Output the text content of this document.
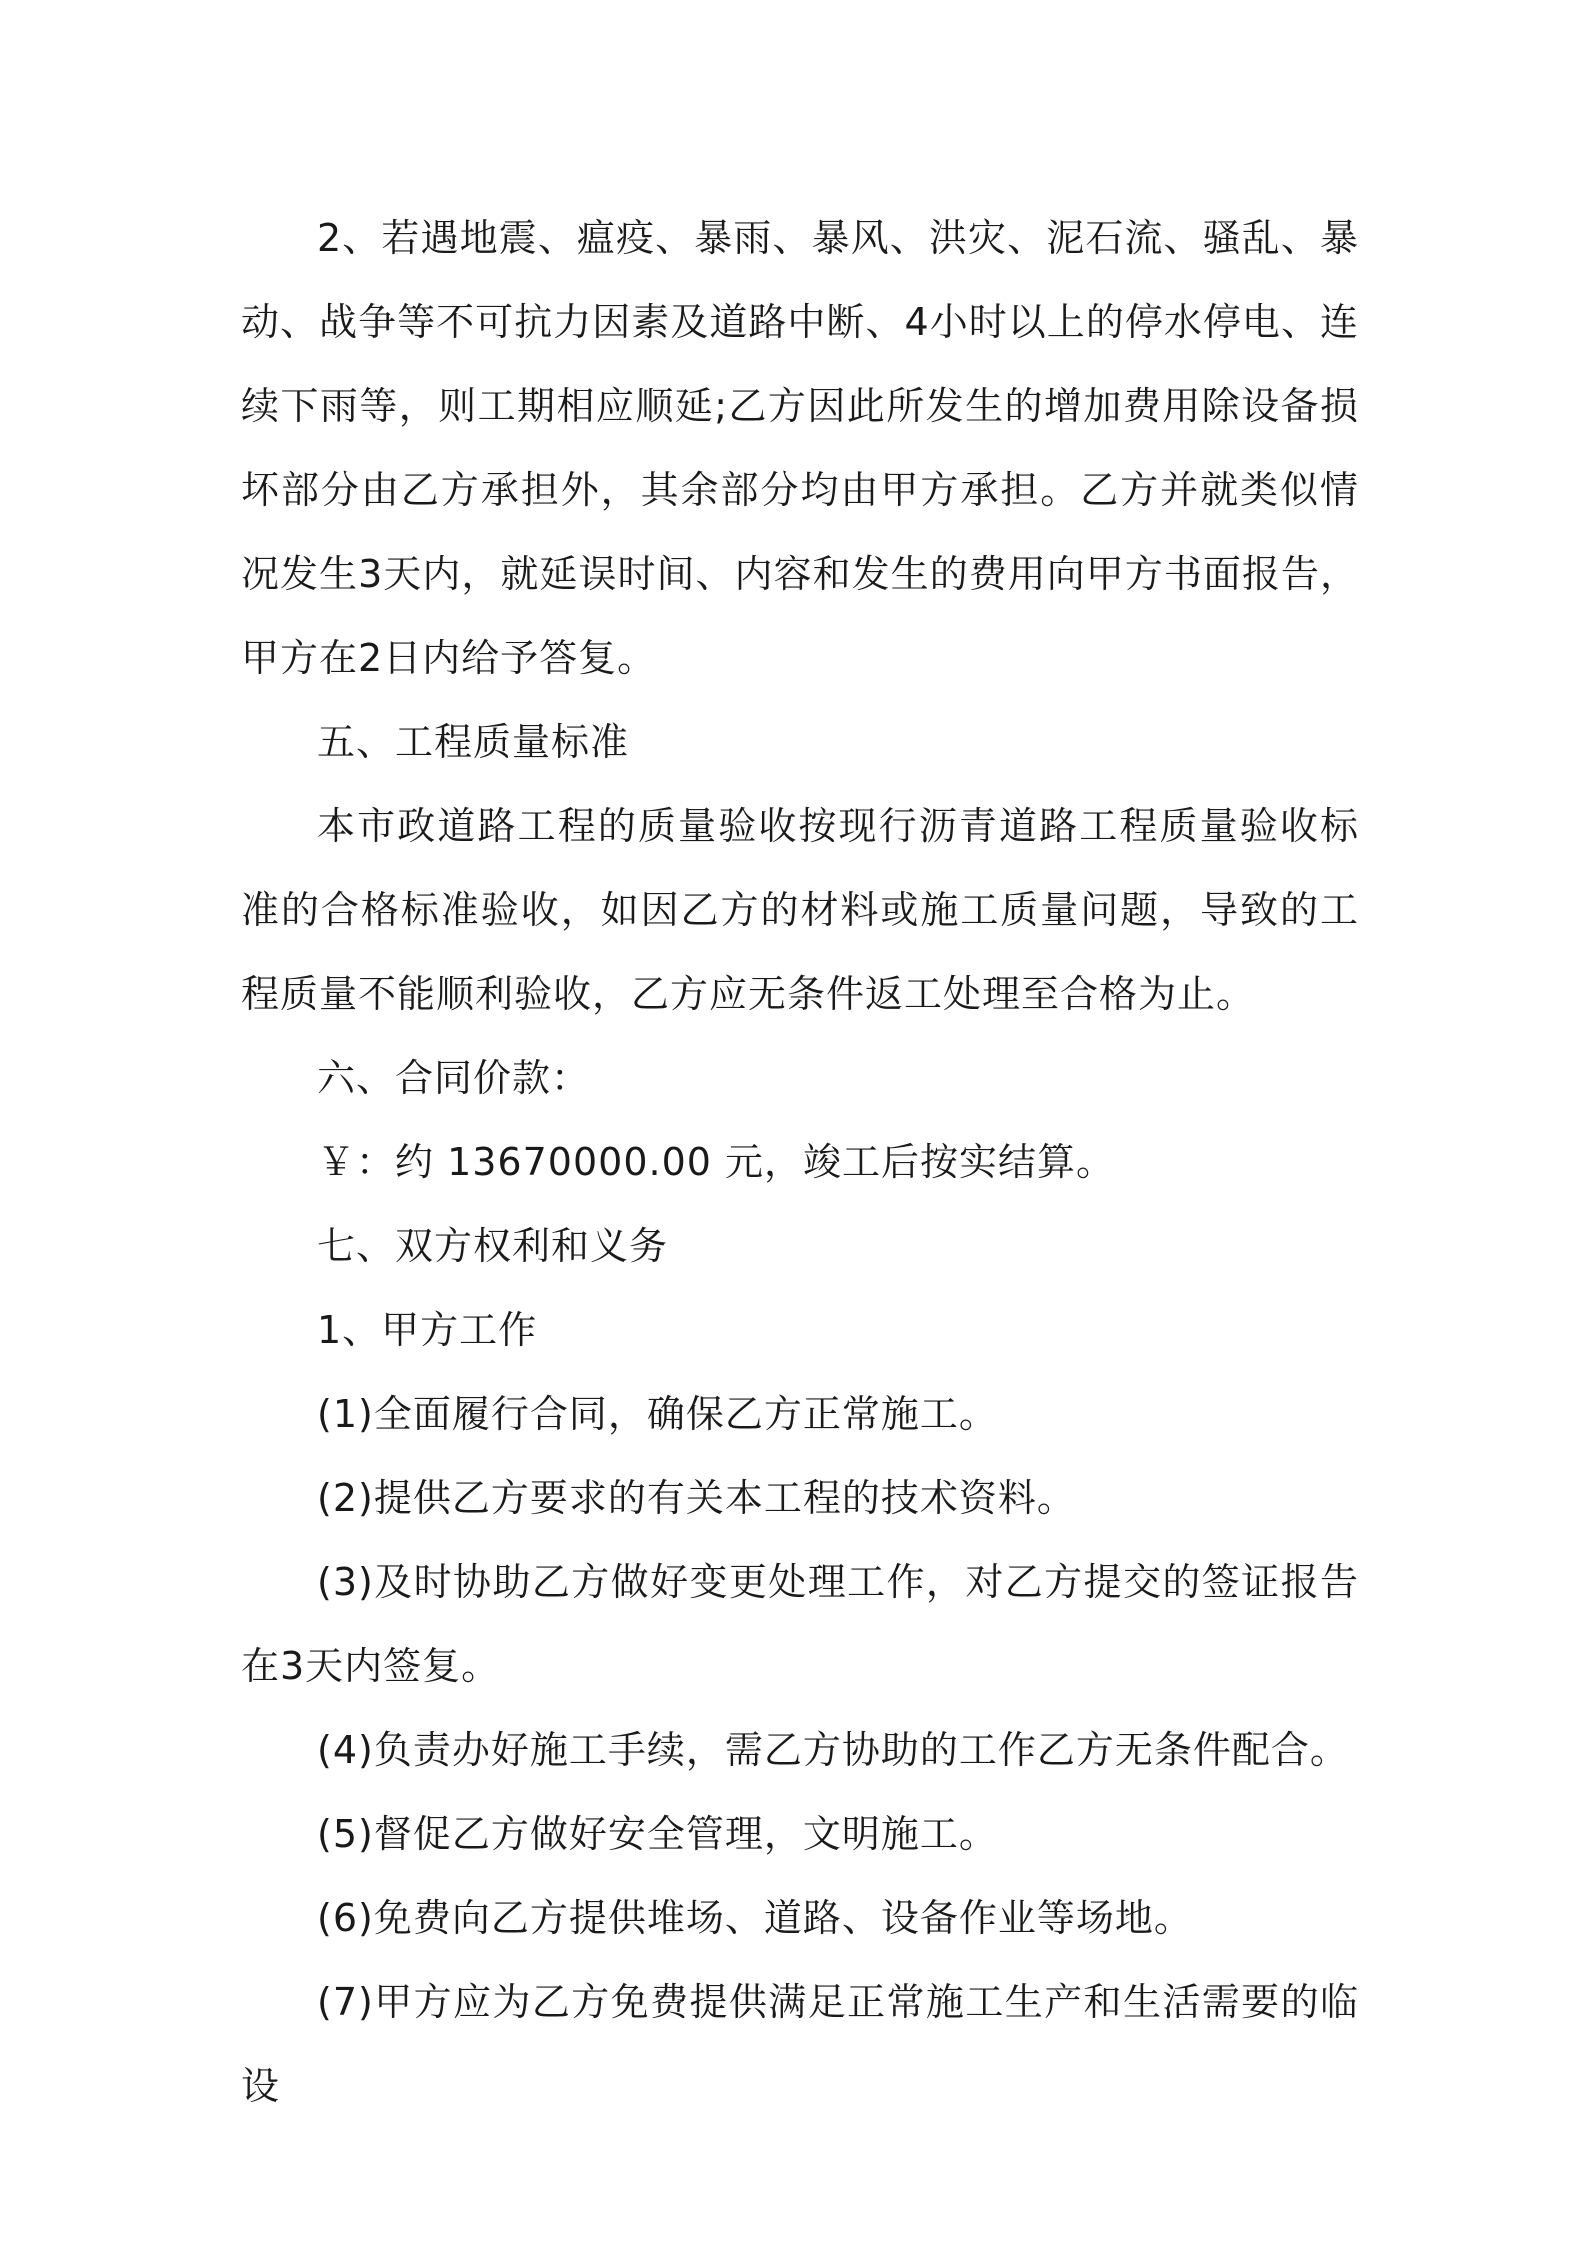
2、若遇地震、瘟疫、暴雨、暴风、洪灾、泥石流、骚乱、暴动、战争等不可抗力因素及道路中断、4小时以上的停水停电、连续下雨等，则工期相应顺延;乙方因此所发生的增加费用除设备损坏部分由乙方承担外，其余部分均由甲方承担。乙方并就类似情况发生3天内，就延误时间、内容和发生的费用向甲方书面报告，甲方在2日内给予答复。

五、工程质量标准

本市政道路工程的质量验收按现行沥青道路工程质量验收标准的合格标准验收，如因乙方的材料或施工质量问题，导致的工程质量不能顺利验收，乙方应无条件返工处理至合格为止。

六、合同价款：

￥：约 13670000.00 元，竣工后按实结算。

七、双方权利和义务

1、甲方工作

(1)全面履行合同，确保乙方正常施工。

(2)提供乙方要求的有关本工程的技术资料。

(3)及时协助乙方做好变更处理工作，对乙方提交的签证报告在3天内签复。

(4)负责办好施工手续，需乙方协助的工作乙方无条件配合。

(5)督促乙方做好安全管理，文明施工。

(6)免费向乙方提供堆场、道路、设备作业等场地。

(7)甲方应为乙方免费提供满足正常施工生产和生活需要的临设
